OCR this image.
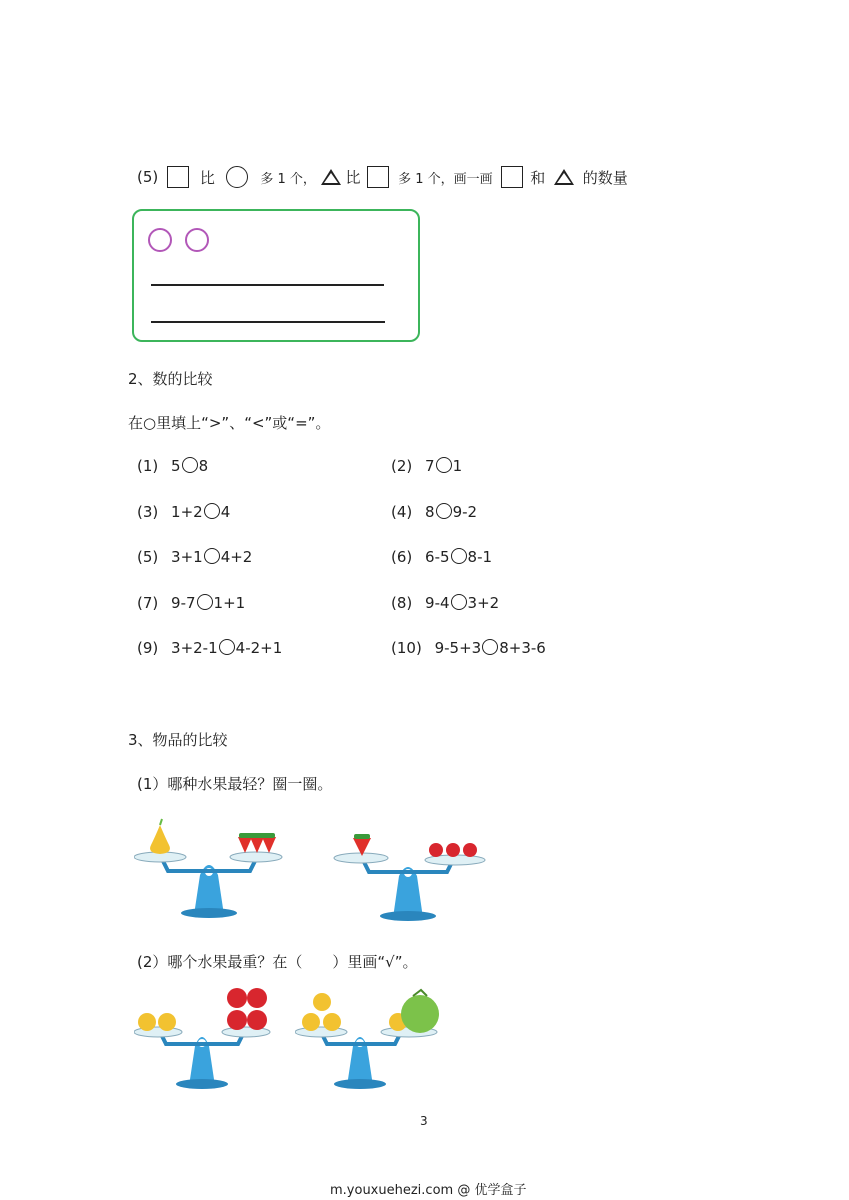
(5)	比	多 1 个， 比	多 1 个，画一画	和	的数量
2、数的比较
在○里填上“>”、“<”或“=”。
(1) 5 8	(2) 7 1
(3) 1+2 4	(4) 8 9-2
(5) 3+1 4+2	(6) 6-5 8-1
(7) 9-7 1+1	(8) 9-4 3+2
(9) 3+2-1 4-2+1	(10) 9-5+3 8+3-6
3、物品的比较
(1）哪种水果最轻？圈一圈。
(2）哪个水果最重？在（　　）里画“√”。
3
m.youxuehezi.com @ 优学盒子
